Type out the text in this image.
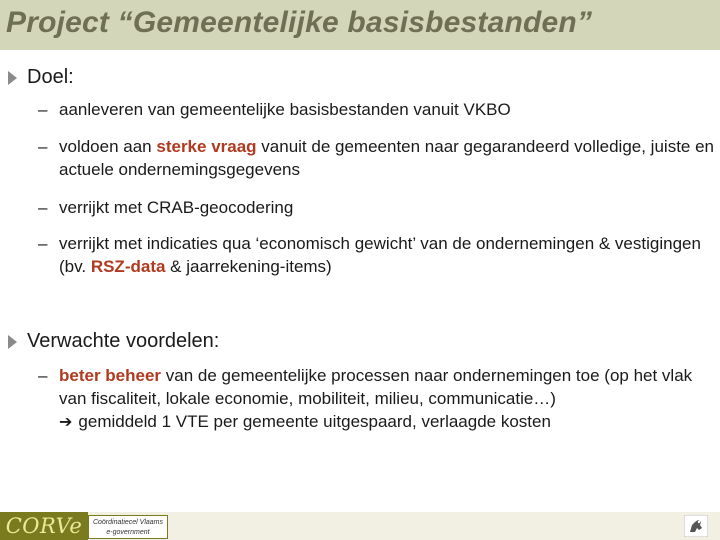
Project “Gemeentelijke basisbestanden”
Doel:
– aanleveren van gemeentelijke basisbestanden vanuit VKBO
– voldoen aan sterke vraag vanuit de gemeenten naar gegarandeerd volledige, juiste en actuele ondernemingsgegevens
– verrijkt met CRAB-geocodering
– verrijkt met indicaties qua ‘economisch gewicht’ van de ondernemingen & vestigingen (bv. RSZ-data & jaarrekening-items)
Verwachte voordelen:
– beter beheer van de gemeentelijke processen naar ondernemingen toe (op het vlak van fiscaliteit, lokale economie, mobiliteit, milieu, communicatie…)
➔ gemiddeld 1 VTE per gemeente uitgespaard, verlaagde kosten
CORVe	Coördinatiecel Vlaams
e-government
